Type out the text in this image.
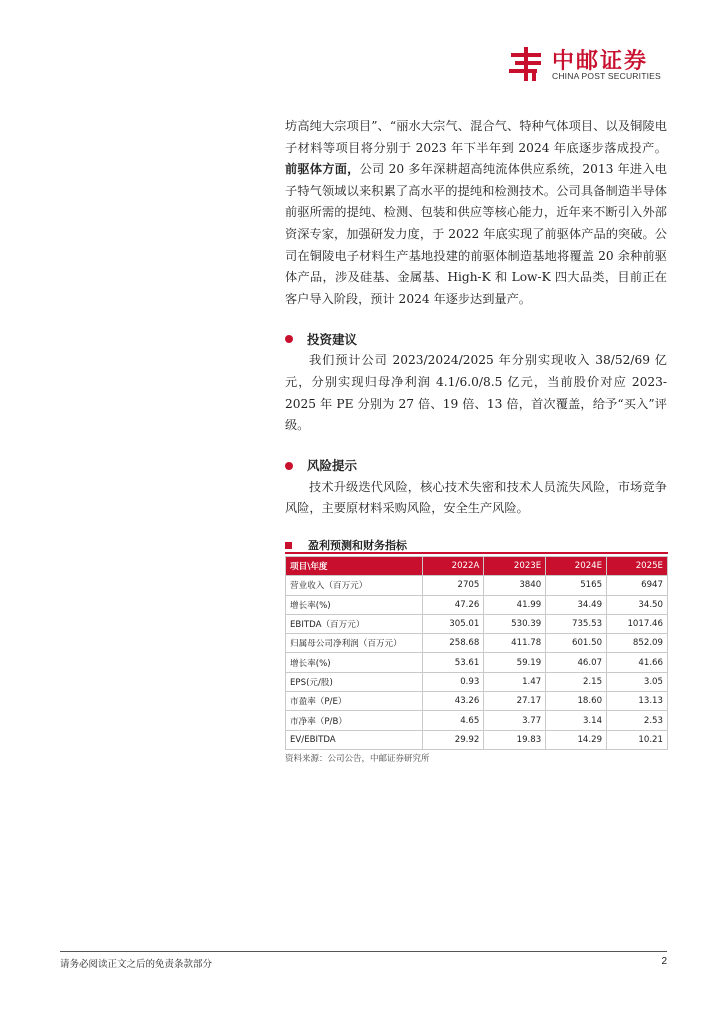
中邮证券
CHINA POST SECURITIES

坊高纯大宗项目”、“丽水大宗气、混合气、特种气体项目、以及铜陵电子材料等项目将分别于 2023 年下半年到 2024 年底逐步落成投产。前驱体方面，公司 20 多年深耕超高纯流体供应系统，2013 年进入电子特气领域以来积累了高水平的提纯和检测技术。公司具备制造半导体前驱所需的提纯、检测、包装和供应等核心能力，近年来不断引入外部资深专家，加强研发力度，于 2022 年底实现了前驱体产品的突破。公司在铜陵电子材料生产基地投建的前驱体制造基地将覆盖 20 余种前驱体产品，涉及硅基、金属基、High-K 和 Low-K 四大品类，目前正在客户导入阶段，预计 2024 年逐步达到量产。

投资建议

我们预计公司 2023/2024/2025 年分别实现收入 38/52/69 亿元，分别实现归母净利润 4.1/6.0/8.5 亿元，当前股价对应 2023-2025 年 PE 分别为 27 倍、19 倍、13 倍，首次覆盖，给予“买入”评级。

风险提示

技术升级迭代风险，核心技术失密和技术人员流失风险，市场竞争风险，主要原材料采购风险，安全生产风险。

盈利预测和财务指标
项目\年度	2022A	2023E	2024E	2025E
营业收入（百万元）	2705	3840	5165	6947
增长率(%)	47.26	41.99	34.49	34.50
EBITDA（百万元）	305.01	530.39	735.53	1017.46
归属母公司净利润（百万元）	258.68	411.78	601.50	852.09
增长率(%)	53.61	59.19	46.07	41.66
EPS(元/股)	0.93	1.47	2.15	3.05
市盈率（P/E）	43.26	27.17	18.60	13.13
市净率（P/B）	4.65	3.77	3.14	2.53
EV/EBITDA	29.92	19.83	14.29	10.21
资料来源：公司公告，中邮证券研究所
请务必阅读正文之后的免责条款部分	2
